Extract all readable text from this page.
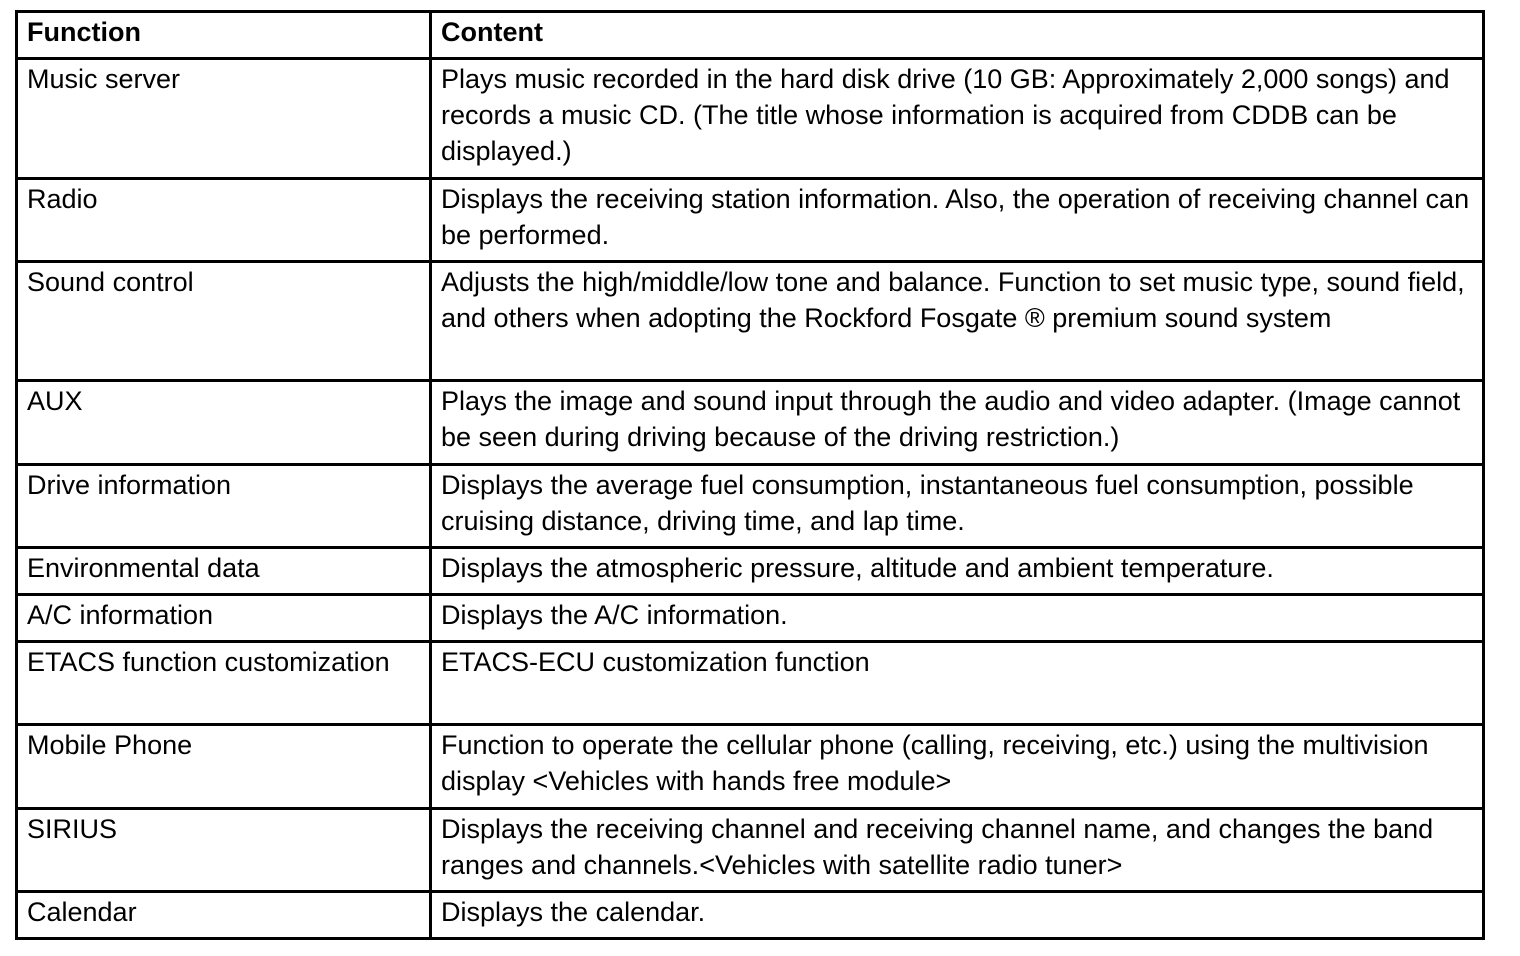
Function	Content
Music server	Plays music recorded in the hard disk drive (10 GB: Approximately 2,000 songs) and records a music CD. (The title whose information is acquired from CDDB can be displayed.)
Radio	Displays the receiving station information. Also, the operation of receiving channel can be performed.
Sound control	Adjusts the high/middle/low tone and balance. Function to set music type, sound field, and others when adopting the Rockford Fosgate ® premium sound system
AUX	Plays the image and sound input through the audio and video adapter. (Image cannot be seen during driving because of the driving restriction.)
Drive information	Displays the average fuel consumption, instantaneous fuel consumption, possible cruising distance, driving time, and lap time.
Environmental data	Displays the atmospheric pressure, altitude and ambient temperature.
A/C information	Displays the A/C information.
ETACS function customization	ETACS-ECU customization function
Mobile Phone	Function to operate the cellular phone (calling, receiving, etc.) using the multivision display <Vehicles with hands free module>
SIRIUS	Displays the receiving channel and receiving channel name, and changes the band ranges and channels.<Vehicles with satellite radio tuner>
Calendar	Displays the calendar.
